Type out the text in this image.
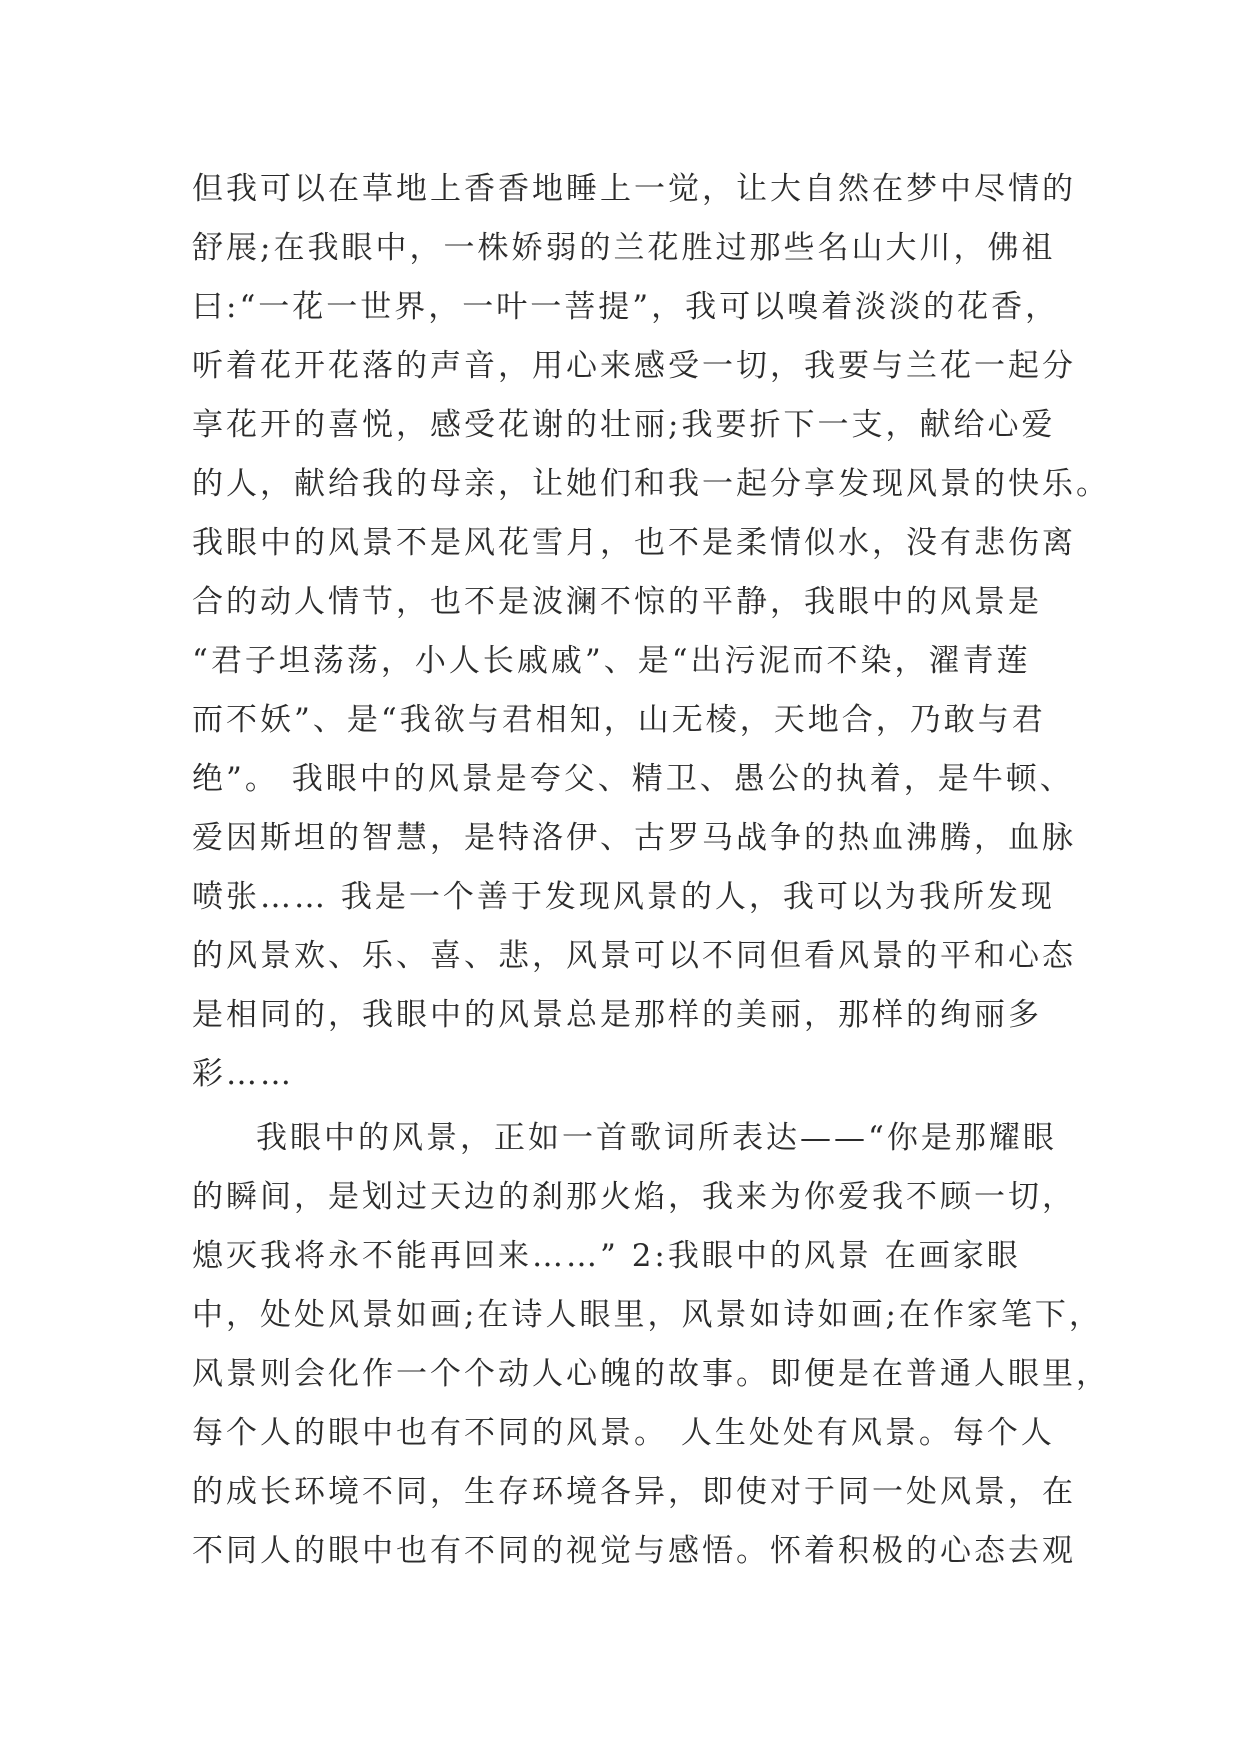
但我可以在草地上香香地睡上一觉，让大自然在梦中尽情的
舒展;在我眼中，一株娇弱的兰花胜过那些名山大川，佛祖
曰:“一花一世界，一叶一菩提”，我可以嗅着淡淡的花香，
听着花开花落的声音，用心来感受一切，我要与兰花一起分
享花开的喜悦，感受花谢的壮丽;我要折下一支，献给心爱
的人，献给我的母亲，让她们和我一起分享发现风景的快乐。
我眼中的风景不是风花雪月，也不是柔情似水，没有悲伤离
合的动人情节，也不是波澜不惊的平静，我眼中的风景是
“君子坦荡荡，小人长戚戚”、是“出污泥而不染，濯青莲
而不妖”、是“我欲与君相知，山无棱，天地合，乃敢与君
绝”。 我眼中的风景是夸父、精卫、愚公的执着，是牛顿、
爱因斯坦的智慧，是特洛伊、古罗马战争的热血沸腾，血脉
喷张…… 我是一个善于发现风景的人，我可以为我所发现
的风景欢、乐、喜、悲，风景可以不同但看风景的平和心态
是相同的，我眼中的风景总是那样的美丽，那样的绚丽多
彩……
我眼中的风景，正如一首歌词所表达——“你是那耀眼
的瞬间，是划过天边的刹那火焰，我来为你爱我不顾一切，
熄灭我将永不能再回来……” 2:我眼中的风景 在画家眼
中，处处风景如画;在诗人眼里，风景如诗如画;在作家笔下，
风景则会化作一个个动人心魄的故事。即便是在普通人眼里，
每个人的眼中也有不同的风景。 人生处处有风景。每个人
的成长环境不同，生存环境各异，即使对于同一处风景，在
不同人的眼中也有不同的视觉与感悟。怀着积极的心态去观
